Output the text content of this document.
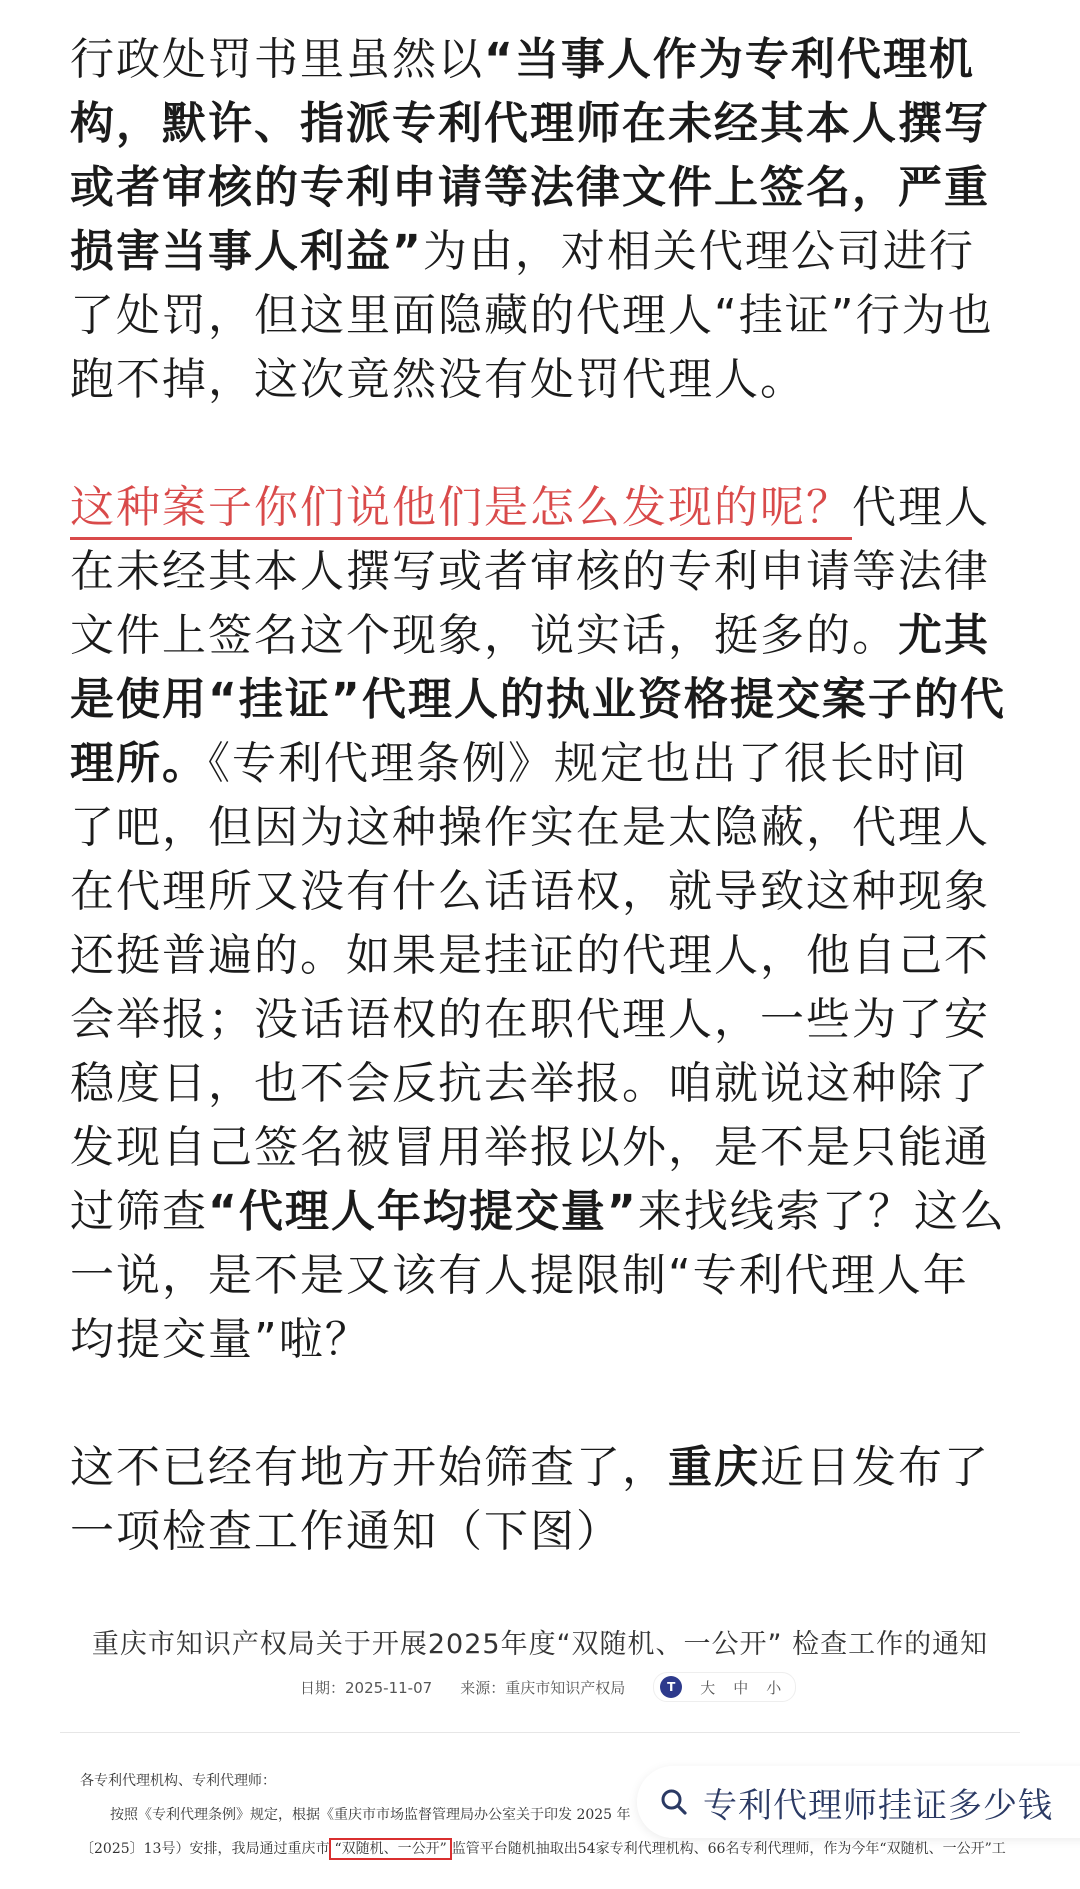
行政处罚书里虽然以“当事人作为专利代理机构，默许、指派专利代理师在未经其本人撰写或者审核的专利申请等法律文件上签名，严重损害当事人利益”为由，对相关代理公司进行了处罚，但这里面隐藏的代理人“挂证”行为也跑不掉，这次竟然没有处罚代理人。

这种案子你们说他们是怎么发现的呢？代理人在未经其本人撰写或者审核的专利申请等法律文件上签名这个现象，说实话，挺多的。尤其是使用“挂证”代理人的执业资格提交案子的代理所。《专利代理条例》规定也出了很长时间了吧，但因为这种操作实在是太隐蔽，代理人在代理所又没有什么话语权，就导致这种现象还挺普遍的。如果是挂证的代理人，他自己不会举报；没话语权的在职代理人，一些为了安稳度日，也不会反抗去举报。咱就说这种除了发现自己签名被冒用举报以外，是不是只能通过筛查“代理人年均提交量”来找线索了？这么一说，是不是又该有人提限制“专利代理人年均提交量”啦？

这不已经有地方开始筛查了，重庆近日发布了一项检查工作通知（下图）

重庆市知识产权局关于开展2025年度“双随机、一公开” 检查工作的通知
日期：2025-11-07 来源：重庆市知识产权局	T	大 中 小
各专利代理机构、专利代理师：
按照《专利代理条例》规定，根据《重庆市市场监督管理局办公室关于印发 2025 年
〔2025〕13号）安排，我局通过重庆市 “双随机、一公开” 监管平台随机抽取出54家专利代理机构、66名专利代理师，作为今年“双随机、一公开”工
专利代理师挂证多少钱
